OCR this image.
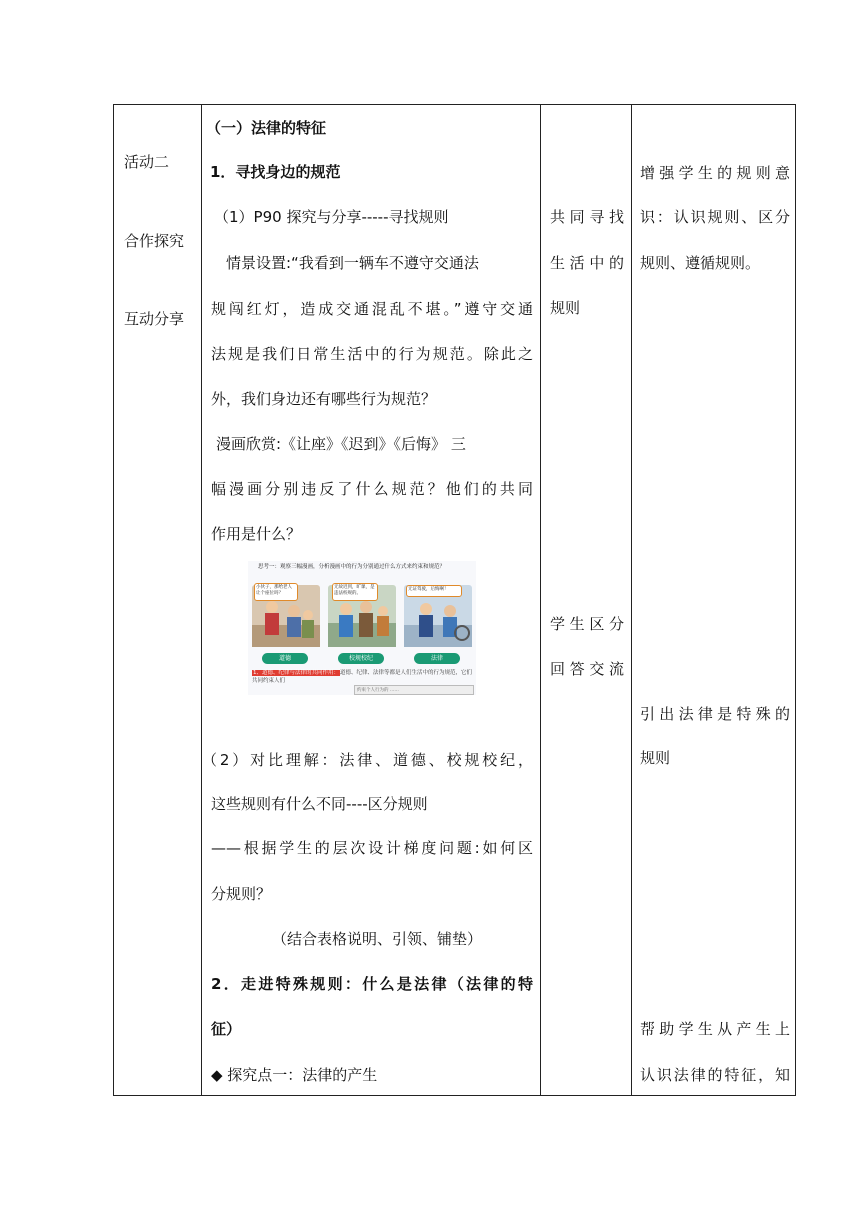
活动二
合作探究
互动分享
（一）法律的特征
1．寻找身边的规范
（1）P90 探究与分享-----寻找规则
情景设置:“我看到一辆车不遵守交通法
规闯红灯，造成交通混乱不堪。”遵守交通
法规是我们日常生活中的行为规范。除此之
外，我们身边还有哪些行为规范？
漫画欣赏:《让座》《迟到》《后悔》 三
幅漫画分别违反了什么规范？他们的共同
作用是什么？
思考一：观察三幅漫画，分析漫画中的行为分别通过什么方式来约束和规范？
小伙子，那给老人让个座位吗？
无故迟到，旷课，是违法校规的。
无证驾驶，后悔啊！
道德	校规校纪	法律
1、道德、纪律与法律的共同作用：道德、纪律、法律等都是人们生活中的行为规范，它们共同约束人们
约束个人行为的 ……
（2）对比理解：法律、道德、校规校纪，
这些规则有什么不同----区分规则
——根据学生的层次设计梯度问题:如何区
分规则？
（结合表格说明、引领、铺垫）
2．走进特殊规则：什么是法律（法律的特
征）
◆ 探究点一：法律的产生
共同寻找
生活中的
规则
学生区分
回答交流
增强学生的规则意
识：认识规则、区分
规则、遵循规则。
引出法律是特殊的
规则
帮助学生从产生上
认识法律的特征，知
